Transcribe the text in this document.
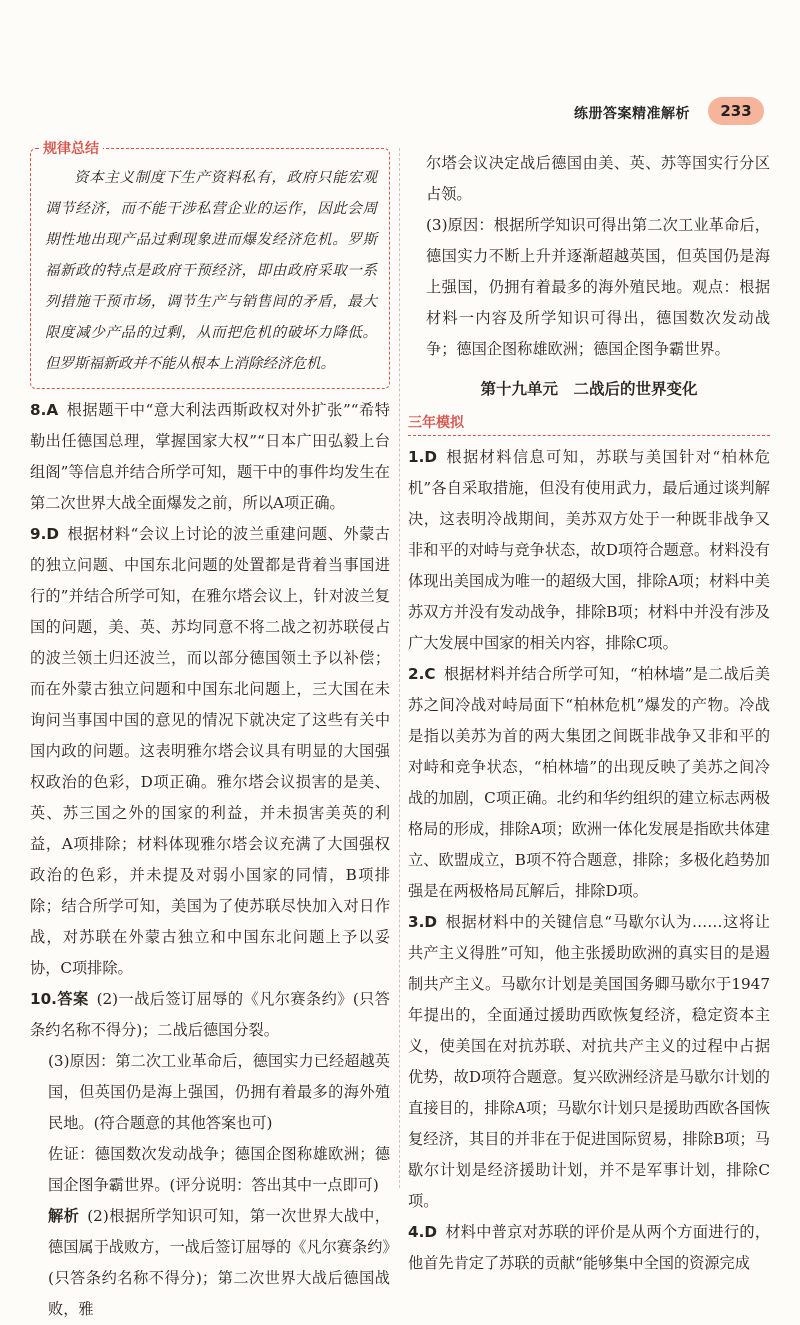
练册答案精准解析	233
规律总结

资本主义制度下生产资料私有，政府只能宏观调节经济，而不能干涉私营企业的运作，因此会周期性地出现产品过剩现象进而爆发经济危机。罗斯福新政的特点是政府干预经济，即由政府采取一系列措施干预市场，调节生产与销售间的矛盾，最大限度减少产品的过剩，从而把危机的破坏力降低。但罗斯福新政并不能从根本上消除经济危机。

8.A 根据题干中“意大利法西斯政权对外扩张”“希特勒出任德国总理，掌握国家大权”“日本广田弘毅上台组阁”等信息并结合所学可知，题干中的事件均发生在第二次世界大战全面爆发之前，所以A项正确。

9.D 根据材料“会议上讨论的波兰重建问题、外蒙古的独立问题、中国东北问题的处置都是背着当事国进行的”并结合所学可知，在雅尔塔会议上，针对波兰复国的问题，美、英、苏均同意不将二战之初苏联侵占的波兰领土归还波兰，而以部分德国领土予以补偿；而在外蒙古独立问题和中国东北问题上，三大国在未询问当事国中国的意见的情况下就决定了这些有关中国内政的问题。这表明雅尔塔会议具有明显的大国强权政治的色彩，D项正确。雅尔塔会议损害的是美、英、苏三国之外的国家的利益，并未损害美英的利益，A项排除；材料体现雅尔塔会议充满了大国强权政治的色彩，并未提及对弱小国家的同情，B项排除；结合所学可知，美国为了使苏联尽快加入对日作战，对苏联在外蒙古独立和中国东北问题上予以妥协，C项排除。

10.答案 (2)一战后签订屈辱的《凡尔赛条约》(只答条约名称不得分)；二战后德国分裂。

(3)原因：第二次工业革命后，德国实力已经超越英国，但英国仍是海上强国，仍拥有着最多的海外殖民地。(符合题意的其他答案也可)

佐证：德国数次发动战争；德国企图称雄欧洲；德国企图争霸世界。(评分说明：答出其中一点即可)

解析 (2)根据所学知识可知，第一次世界大战中，德国属于战败方，一战后签订屈辱的《凡尔赛条约》(只答条约名称不得分)；第二次世界大战后德国战败，雅

尔塔会议决定战后德国由美、英、苏等国实行分区占领。

(3)原因：根据所学知识可得出第二次工业革命后，德国实力不断上升并逐渐超越英国，但英国仍是海上强国，仍拥有着最多的海外殖民地。观点：根据材料一内容及所学知识可得出，德国数次发动战争；德国企图称雄欧洲；德国企图争霸世界。

第十九单元　二战后的世界变化
三年模拟

1.D 根据材料信息可知，苏联与美国针对“柏林危机”各自采取措施，但没有使用武力，最后通过谈判解决，这表明冷战期间，美苏双方处于一种既非战争又非和平的对峙与竞争状态，故D项符合题意。材料没有体现出美国成为唯一的超级大国，排除A项；材料中美苏双方并没有发动战争，排除B项；材料中并没有涉及广大发展中国家的相关内容，排除C项。

2.C 根据材料并结合所学可知，“柏林墙”是二战后美苏之间冷战对峙局面下“柏林危机”爆发的产物。冷战是指以美苏为首的两大集团之间既非战争又非和平的对峙和竞争状态，“柏林墙”的出现反映了美苏之间冷战的加剧，C项正确。北约和华约组织的建立标志两极格局的形成，排除A项；欧洲一体化发展是指欧共体建立、欧盟成立，B项不符合题意，排除；多极化趋势加强是在两极格局瓦解后，排除D项。

3.D 根据材料中的关键信息“马歇尔认为……这将让共产主义得胜”可知，他主张援助欧洲的真实目的是遏制共产主义。马歇尔计划是美国国务卿马歇尔于1947年提出的，全面通过援助西欧恢复经济，稳定资本主义，使美国在对抗苏联、对抗共产主义的过程中占据优势，故D项符合题意。复兴欧洲经济是马歇尔计划的直接目的，排除A项；马歇尔计划只是援助西欧各国恢复经济，其目的并非在于促进国际贸易，排除B项；马歇尔计划是经济援助计划，并不是军事计划，排除C项。

4.D 材料中普京对苏联的评价是从两个方面进行的，他首先肯定了苏联的贡献“能够集中全国的资源完成
